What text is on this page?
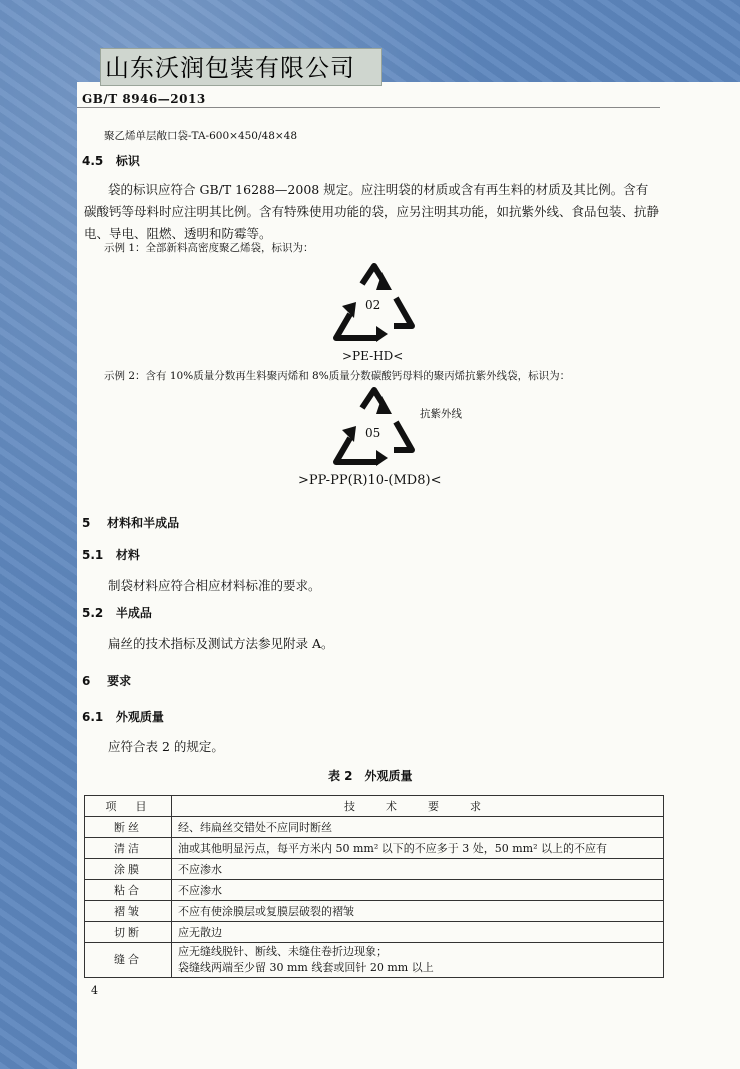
山东沃润包装有限公司
GB/T 8946—2013
聚乙烯单层敞口袋-TA-600×450/48×48
4.5 标识
袋的标识应符合 GB/T 16288—2008 规定。应注明袋的材质或含有再生料的材质及其比例。含有
碳酸钙等母料时应注明其比例。含有特殊使用功能的袋，应另注明其功能，如抗紫外线、食品包装、抗静
电、导电、阻燃、透明和防霉等。
示例 1：全部新料高密度聚乙烯袋，标识为：
02
>PE-HD<
示例 2：含有 10%质量分数再生料聚丙烯和 8%质量分数碳酸钙母料的聚丙烯抗紫外线袋，标识为：
抗紫外线
05
>PP-PP(R)10-(MD8)<
5 材料和半成品
5.1 材料
制袋材料应符合相应材料标准的要求。
5.2 半成品
扁丝的技术指标及测试方法参见附录 A。
6 要求
6.1 外观质量
应符合表 2 的规定。
表 2　外观质量
项　目	技　术　要　求
断丝	经、纬扁丝交错处不应同时断丝
清洁	油或其他明显污点，每平方米内 50 mm² 以下的不应多于 3 处，50 mm² 以上的不应有
涂膜	不应渗水
粘合	不应渗水
褶皱	不应有使涂膜层或复膜层破裂的褶皱
切断	应无散边
缝合	应无缝线脱针、断线、未缝住卷折边现象；
袋缝线两端至少留 30 mm 线套或回针 20 mm 以上
4
